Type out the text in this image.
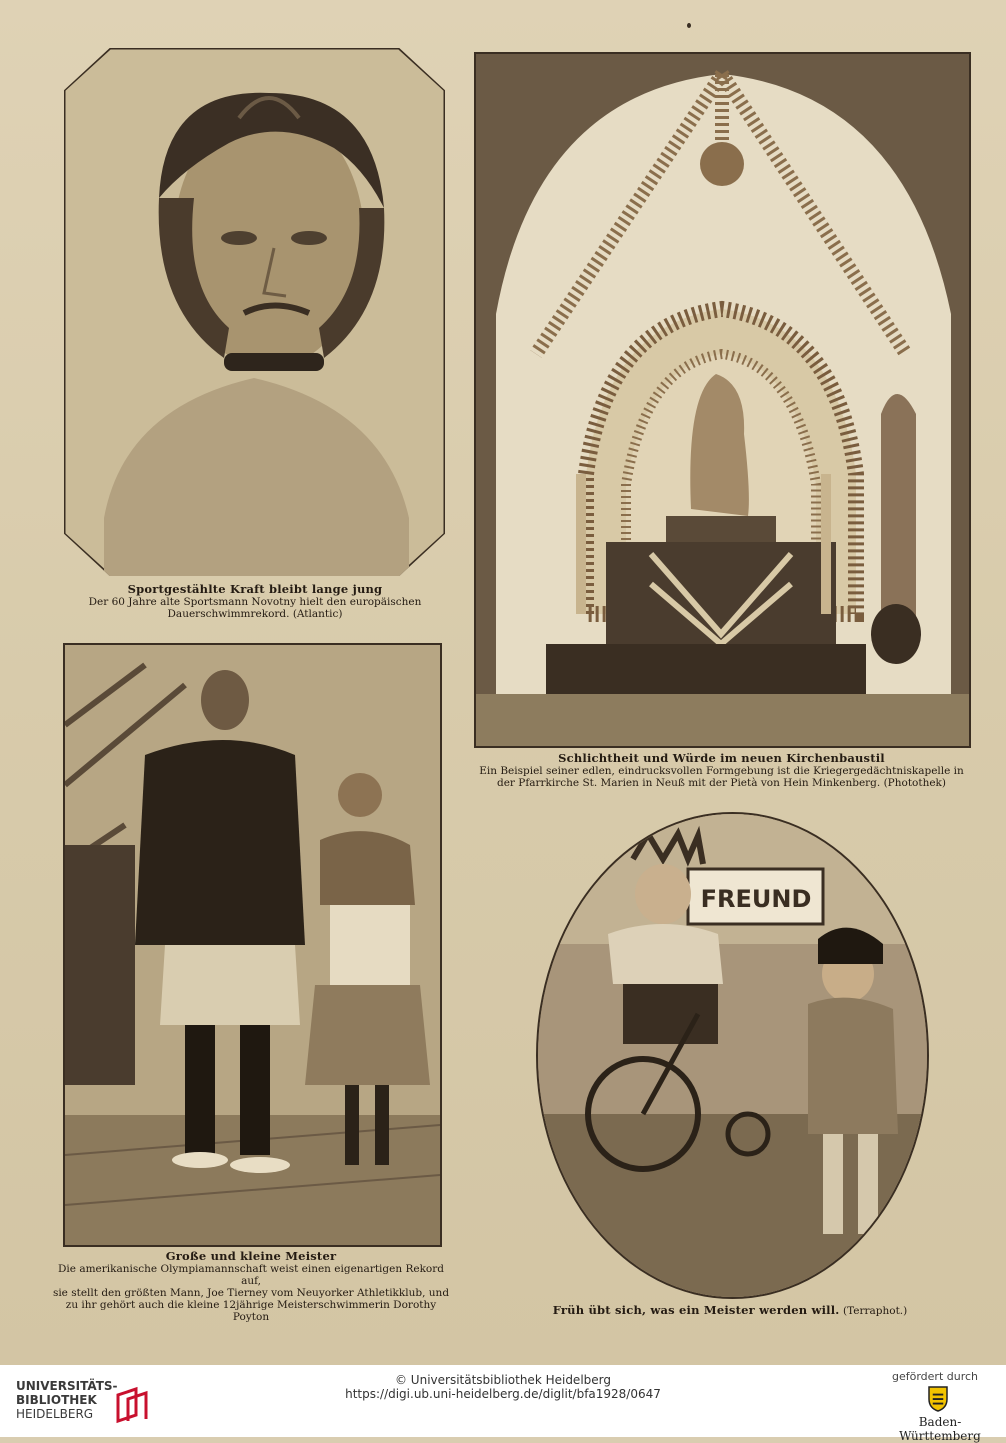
Sportgestählte Kraft bleibt lange jung
Der 60 Jahre alte Sportsmann Novotny hielt den europäischen
Dauerschwimmrekord. (Atlantic)
Schlichtheit und Würde im neuen Kirchenbaustil
Ein Beispiel seiner edlen, eindrucksvollen Formgebung ist die Kriegergedächtniskapelle in
der Pfarrkirche St. Marien in Neuß mit der Pietà von Hein Minkenberg. (Photothek)
Große und kleine Meister
Die amerikanische Olympiamannschaft weist einen eigenartigen Rekord auf,
sie stellt den größten Mann, Joe Tierney vom Neuyorker Athletikklub, und
zu ihr gehört auch die kleine 12jährige Meisterschwimmerin Dorothy Poyton
FREUND
Früh übt sich, was ein Meister werden will. (Terraphot.)
UNIVERSITÄTS-
BIBLIOTHEK
HEIDELBERG
© Universitätsbibliothek Heidelberg
https://digi.ub.uni-heidelberg.de/diglit/bfa1928/0647
gefördert durch
Baden-Württemberg
